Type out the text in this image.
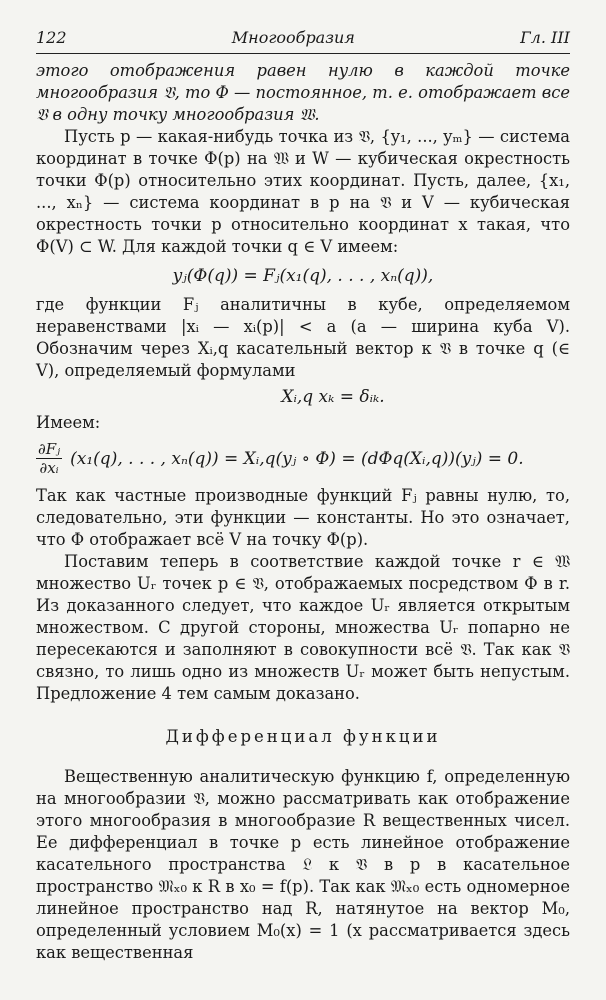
122	Многообразия	Гл. III

этого отображения равен нулю в каждой точке многообразия 𝔙, то Φ — постоянное, т. е. отображает все 𝔙 в одну точку многообразия 𝔚.

Пусть p — какая-нибудь точка из 𝔙, {y₁, ..., yₘ} — система координат в точке Φ(p) на 𝔚 и W — кубическая окрестность точки Φ(p) относительно этих координат. Пусть, далее, {x₁, ..., xₙ} — система координат в p на 𝔙 и V — кубическая окрестность точки p относительно координат x такая, что Φ(V) ⊂ W. Для каждой точки q ∈ V имеем:

yⱼ(Φ(q)) = Fⱼ(x₁(q), . . . , xₙ(q)),

где функции Fⱼ аналитичны в кубе, определяемом неравенствами |xᵢ — xᵢ(p)| < a (a — ширина куба V). Обозначим через Xᵢ,q касательный вектор к 𝔙 в точке q (∈ V), определяемый формулами

Xᵢ,q xₖ = δᵢₖ.

Имеем:

$\frac{\text{∂Fⱼ}}{\text{∂xᵢ}} (x_1(q)$, . . . , xₙ(q)) = Xᵢ,q(yⱼ ∘ Φ) = (dΦq(Xᵢ,q))(yⱼ) = 0.

Так как частные производные функций Fⱼ равны нулю, то, следовательно, эти функции — константы. Но это означает, что Φ отображает всё V на точку Φ(p).

Поставим теперь в соответствие каждой точке r ∈ 𝔚 множество Uᵣ точек p ∈ 𝔙, отображаемых посредством Φ в r. Из доказанного следует, что каждое Uᵣ является открытым множеством. С другой стороны, множества Uᵣ попарно не пересекаются и заполняют в совокупности всё 𝔙. Так как 𝔙 связно, то лишь одно из множеств Uᵣ может быть непустым. Предложение 4 тем самым доказано.

Дифференциал функции

Вещественную аналитическую функцию f, определенную на многообразии 𝔙, можно рассматривать как отображение этого многообразия в многообразие R вещественных чисел. Ее дифференциал в точке p есть линейное отображение касательного пространства 𝔏 к 𝔙 в p в касательное пространство 𝔐ₓ₀ к R в x₀ = f(p). Так как 𝔐ₓ₀ есть одномерное линейное пространство над R, натянутое на вектор M₀, определенный условием M₀(x) = 1 (x рассматривается здесь как вещественная
